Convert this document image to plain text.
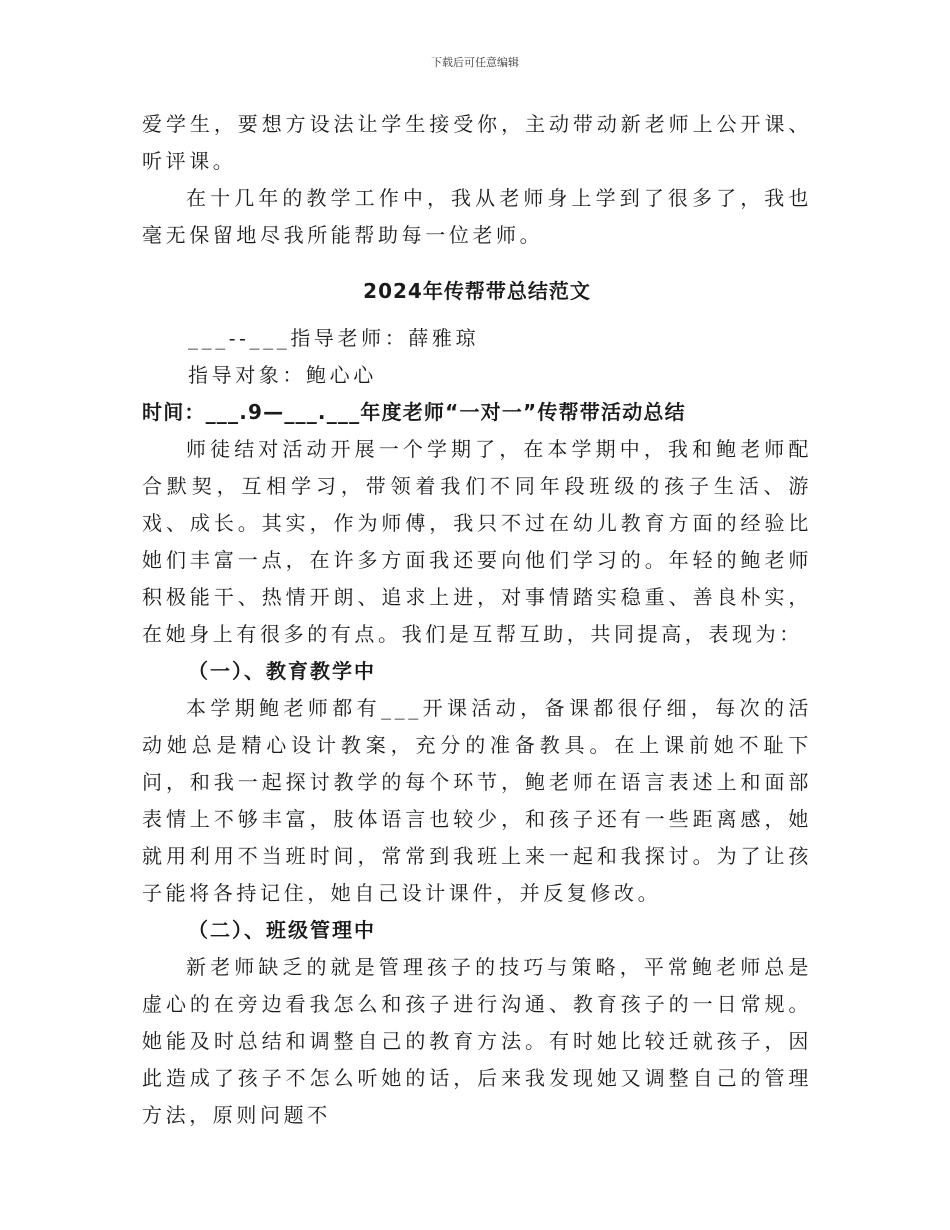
下载后可任意编辑

爱学生，要想方设法让学生接受你，主动带动新老师上公开课、听评课。

在十几年的教学工作中，我从老师身上学到了很多了，我也毫无保留地尽我所能帮助每一位老师。

2024年传帮带总结范文

___--___指导老师：薛雅琼

指导对象：鲍心心

时间：___.9—___.___年度老师“一对一”传帮带活动总结

师徒结对活动开展一个学期了，在本学期中，我和鲍老师配合默契，互相学习，带领着我们不同年段班级的孩子生活、游戏、成长。其实，作为师傅，我只不过在幼儿教育方面的经验比她们丰富一点，在许多方面我还要向他们学习的。年轻的鲍老师积极能干、热情开朗、追求上进，对事情踏实稳重、善良朴实，在她身上有很多的有点。我们是互帮互助，共同提高，表现为：

（一）、教育教学中

本学期鲍老师都有___开课活动，备课都很仔细，每次的活动她总是精心设计教案，充分的准备教具。在上课前她不耻下问，和我一起探讨教学的每个环节，鲍老师在语言表述上和面部表情上不够丰富，肢体语言也较少，和孩子还有一些距离感，她就用利用不当班时间，常常到我班上来一起和我探讨。为了让孩子能将各持记住，她自己设计课件，并反复修改。

（二）、班级管理中

新老师缺乏的就是管理孩子的技巧与策略，平常鲍老师总是虚心的在旁边看我怎么和孩子进行沟通、教育孩子的一日常规。她能及时总结和调整自己的教育方法。有时她比较迁就孩子，因此造成了孩子不怎么听她的话，后来我发现她又调整自己的管理方法，原则问题不
